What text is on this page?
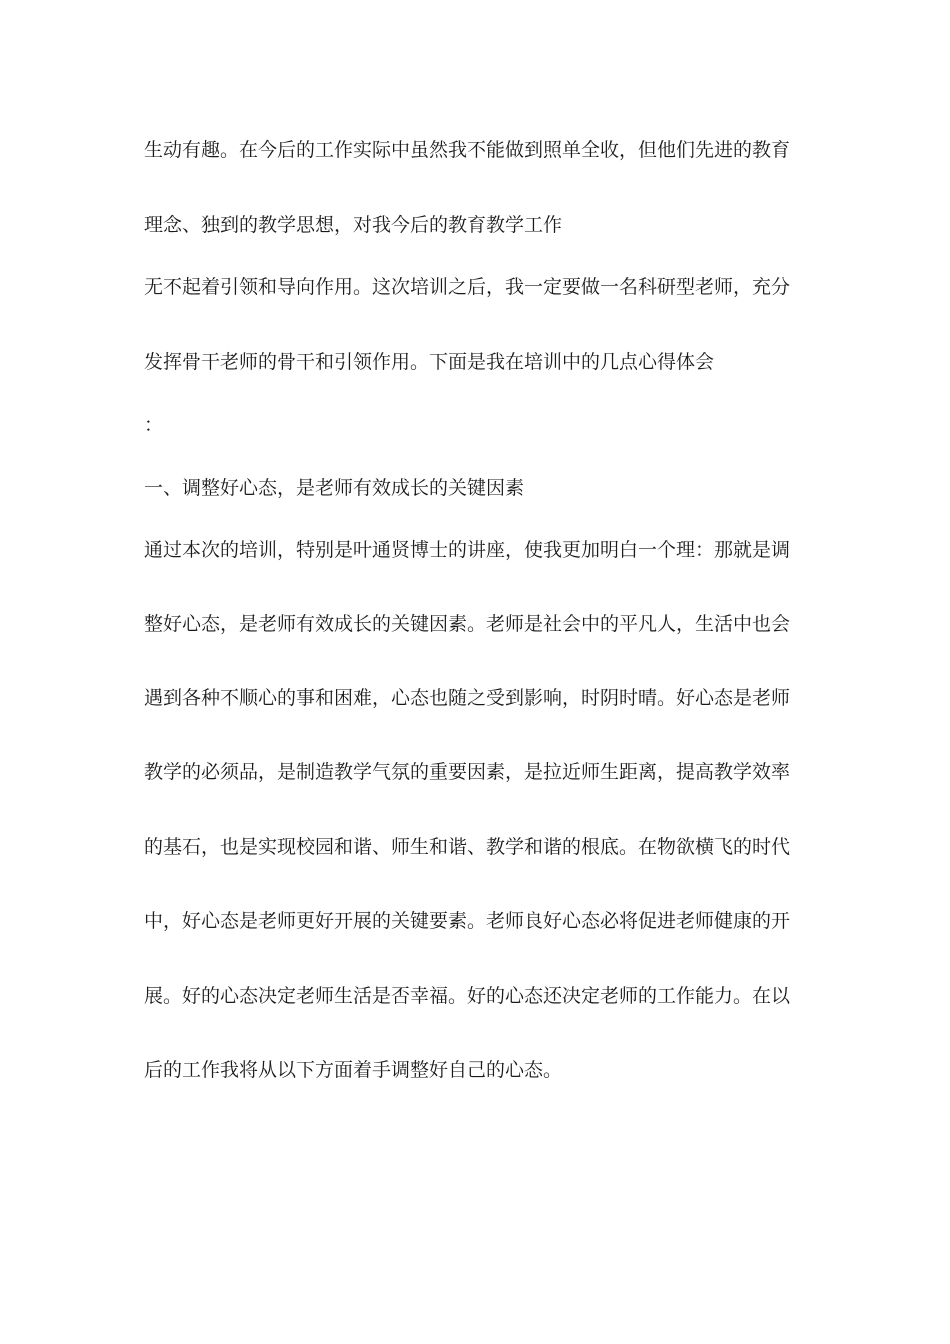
生动有趣。在今后的工作实际中虽然我不能做到照单全收，但他们先进的教育

理念、独到的教学思想，对我今后的教育教学工作

无不起着引领和导向作用。这次培训之后，我一定要做一名科研型老师，充分

发挥骨干老师的骨干和引领作用。下面是我在培训中的几点心得体会

：

一、调整好心态，是老师有效成长的关键因素

通过本次的培训，特别是叶通贤博士的讲座，使我更加明白一个理：那就是调

整好心态，是老师有效成长的关键因素。老师是社会中的平凡人，生活中也会

遇到各种不顺心的事和困难，心态也随之受到影响，时阴时晴。好心态是老师

教学的必须品，是制造教学气氛的重要因素，是拉近师生距离，提高教学效率

的基石，也是实现校园和谐、师生和谐、教学和谐的根底。在物欲横飞的时代

中，好心态是老师更好开展的关键要素。老师良好心态必将促进老师健康的开

展。好的心态决定老师生活是否幸福。好的心态还决定老师的工作能力。在以

后的工作我将从以下方面着手调整好自己的心态。
